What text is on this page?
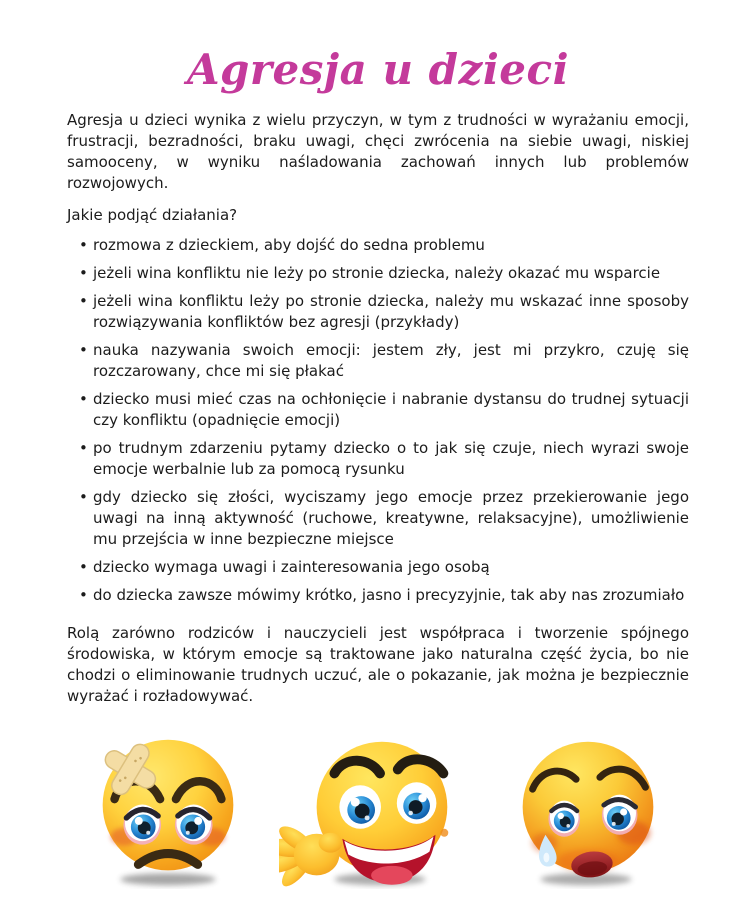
Agresja u dzieci

Agresja u dzieci wynika z wielu przyczyn, w tym z trudności w wyrażaniu emocji, frustracji, bezradności, braku uwagi, chęci zwrócenia na siebie uwagi, niskiej samooceny, w wyniku naśladowania zachowań innych lub problemów rozwojowych.

Jakie podjąć działania?

• rozmowa z dzieckiem, aby dojść do sedna problemu
• jeżeli wina konfliktu nie leży po stronie dziecka, należy okazać mu wsparcie
• jeżeli wina konfliktu leży po stronie dziecka, należy mu wskazać inne sposoby rozwiązywania konfliktów bez agresji (przykłady)
• nauka nazywania swoich emocji: jestem zły, jest mi przykro, czuję się rozczarowany, chce mi się płakać
• dziecko musi mieć czas na ochłonięcie i nabranie dystansu do trudnej sytuacji czy konfliktu (opadnięcie emocji)
• po trudnym zdarzeniu pytamy dziecko o to jak się czuje, niech wyrazi swoje emocje werbalnie lub za pomocą rysunku
• gdy dziecko się złości, wyciszamy jego emocje przez przekierowanie jego uwagi na inną aktywność (ruchowe, kreatywne, relaksacyjne), umożliwienie mu przejścia w inne bezpieczne miejsce
• dziecko wymaga uwagi i zainteresowania jego osobą
• do dziecka zawsze mówimy krótko, jasno i precyzyjnie, tak aby nas zrozumiało

Rolą zarówno rodziców i nauczycieli jest współpraca i tworzenie spójnego środowiska, w którym emocje są traktowane jako naturalna część życia, bo nie chodzi o eliminowanie trudnych uczuć, ale o pokazanie, jak można je bezpiecznie wyrażać i rozładowywać.
